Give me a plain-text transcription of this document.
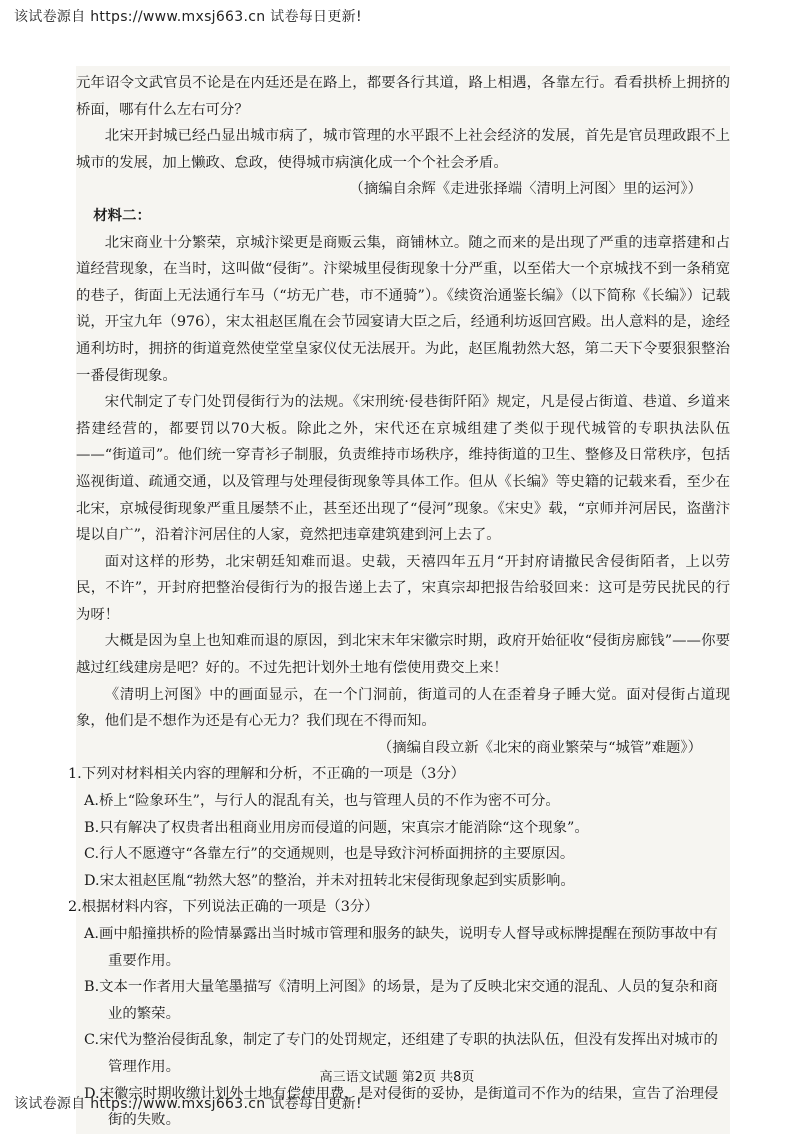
该试卷源自 https://www.mxsj663.cn 试卷每日更新!

元年诏令文武官员不论是在内廷还是在路上，都要各行其道，路上相遇，各靠左行。看看拱桥上拥挤的桥面，哪有什么左右可分？

北宋开封城已经凸显出城市病了，城市管理的水平跟不上社会经济的发展，首先是官员理政跟不上城市的发展，加上懒政、怠政，使得城市病演化成一个个社会矛盾。

（摘编自余辉《走进张择端〈清明上河图〉里的运河》）

材料二：

北宋商业十分繁荣，京城汴梁更是商贩云集，商铺林立。随之而来的是出现了严重的违章搭建和占道经营现象，在当时，这叫做“侵街”。汴梁城里侵街现象十分严重，以至偌大一个京城找不到一条稍宽的巷子，街面上无法通行车马（“坊无广巷，市不通骑”）。《续资治通鉴长编》（以下简称《长编》）记载说，开宝九年（976），宋太祖赵匡胤在会节园宴请大臣之后，经通利坊返回宫殿。出人意料的是，途经通利坊时，拥挤的街道竟然使堂堂皇家仪仗无法展开。为此，赵匡胤勃然大怒，第二天下令要狠狠整治一番侵街现象。

宋代制定了专门处罚侵街行为的法规。《宋刑统·侵巷街阡陌》规定，凡是侵占街道、巷道、乡道来搭建经营的，都要罚以70大板。除此之外，宋代还在京城组建了类似于现代城管的专职执法队伍——“街道司”。他们统一穿青衫子制服，负责维持市场秩序，维持街道的卫生、整修及日常秩序，包括巡视街道、疏通交通，以及管理与处理侵街现象等具体工作。但从《长编》等史籍的记载来看，至少在北宋，京城侵街现象严重且屡禁不止，甚至还出现了“侵河”现象。《宋史》载，“京师并河居民，盗凿汴堤以自广”，沿着汴河居住的人家，竟然把违章建筑建到河上去了。

面对这样的形势，北宋朝廷知难而退。史载，天禧四年五月“开封府请撤民舍侵街陌者，上以劳民，不许”，开封府把整治侵街行为的报告递上去了，宋真宗却把报告给驳回来：这可是劳民扰民的行为呀！

大概是因为皇上也知难而退的原因，到北宋末年宋徽宗时期，政府开始征收“侵街房廊钱”——你要越过红线建房是吧？好的。不过先把计划外土地有偿使用费交上来！

《清明上河图》中的画面显示，在一个门洞前，街道司的人在歪着身子睡大觉。面对侵街占道现象，他们是不想作为还是有心无力？我们现在不得而知。

（摘编自段立新《北宋的商业繁荣与“城管”难题》）

1.下列对材料相关内容的理解和分析，不正确的一项是（3分）

A.桥上“险象环生”，与行人的混乱有关，也与管理人员的不作为密不可分。

B.只有解决了权贵者出租商业用房而侵道的问题，宋真宗才能消除“这个现象”。

C.行人不愿遵守“各靠左行”的交通规则，也是导致汴河桥面拥挤的主要原因。

D.宋太祖赵匡胤“勃然大怒”的整治，并未对扭转北宋侵街现象起到实质影响。

2.根据材料内容，下列说法正确的一项是（3分）

A.画中船撞拱桥的险情暴露出当时城市管理和服务的缺失，说明专人督导或标牌提醒在预防事故中有重要作用。

B.文本一作者用大量笔墨描写《清明上河图》的场景，是为了反映北宋交通的混乱、人员的复杂和商业的繁荣。

C.宋代为整治侵街乱象，制定了专门的处罚规定，还组建了专职的执法队伍，但没有发挥出对城市的管理作用。

D.宋徽宗时期收缴计划外土地有偿使用费，是对侵街的妥协，是街道司不作为的结果，宣告了治理侵街的失败。

高三语文试题 第2页 共8页
该试卷源自 https://www.mxsj663.cn 试卷每日更新!
